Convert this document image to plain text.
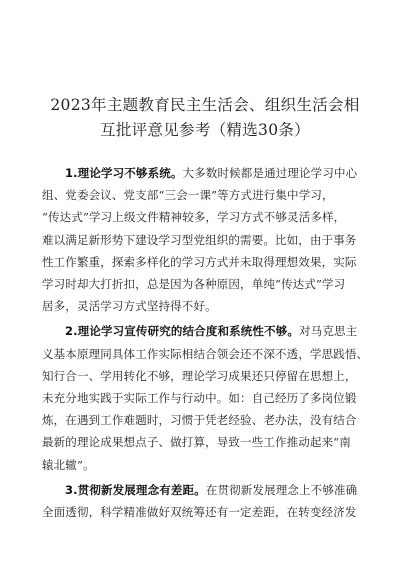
2023年主题教育民主生活会、组织生活会相
互批评意见参考（精选30条）

1.理论学习不够系统。大多数时候都是通过理论学习中心
组、党委会议、党支部“三会一课”等方式进行集中学习，
“传达式”学习上级文件精神较多，学习方式不够灵活多样，
难以满足新形势下建设学习型党组织的需要。比如，由于事务
性工作繁重，探索多样化的学习方式并未取得理想效果，实际
学习时却大打折扣，总是因为各种原因，单纯“传达式”学习
居多，灵活学习方式坚持得不好。

2.理论学习宣传研究的结合度和系统性不够。对马克思主
义基本原理同具体工作实际相结合领会还不深不透，学思践悟、
知行合一、学用转化不够，理论学习成果还只停留在思想上，
未充分地实践于实际工作与行动中。如：自己经历了多岗位锻
炼，在遇到工作难题时，习惯于凭老经验、老办法，没有结合
最新的理论成果想点子、做打算，导致一些工作推动起来“南
辕北辙”。

3.贯彻新发展理念有差距。在贯彻新发展理念上不够准确
全面透彻，科学精准做好双统筹还有一定差距，在转变经济发
